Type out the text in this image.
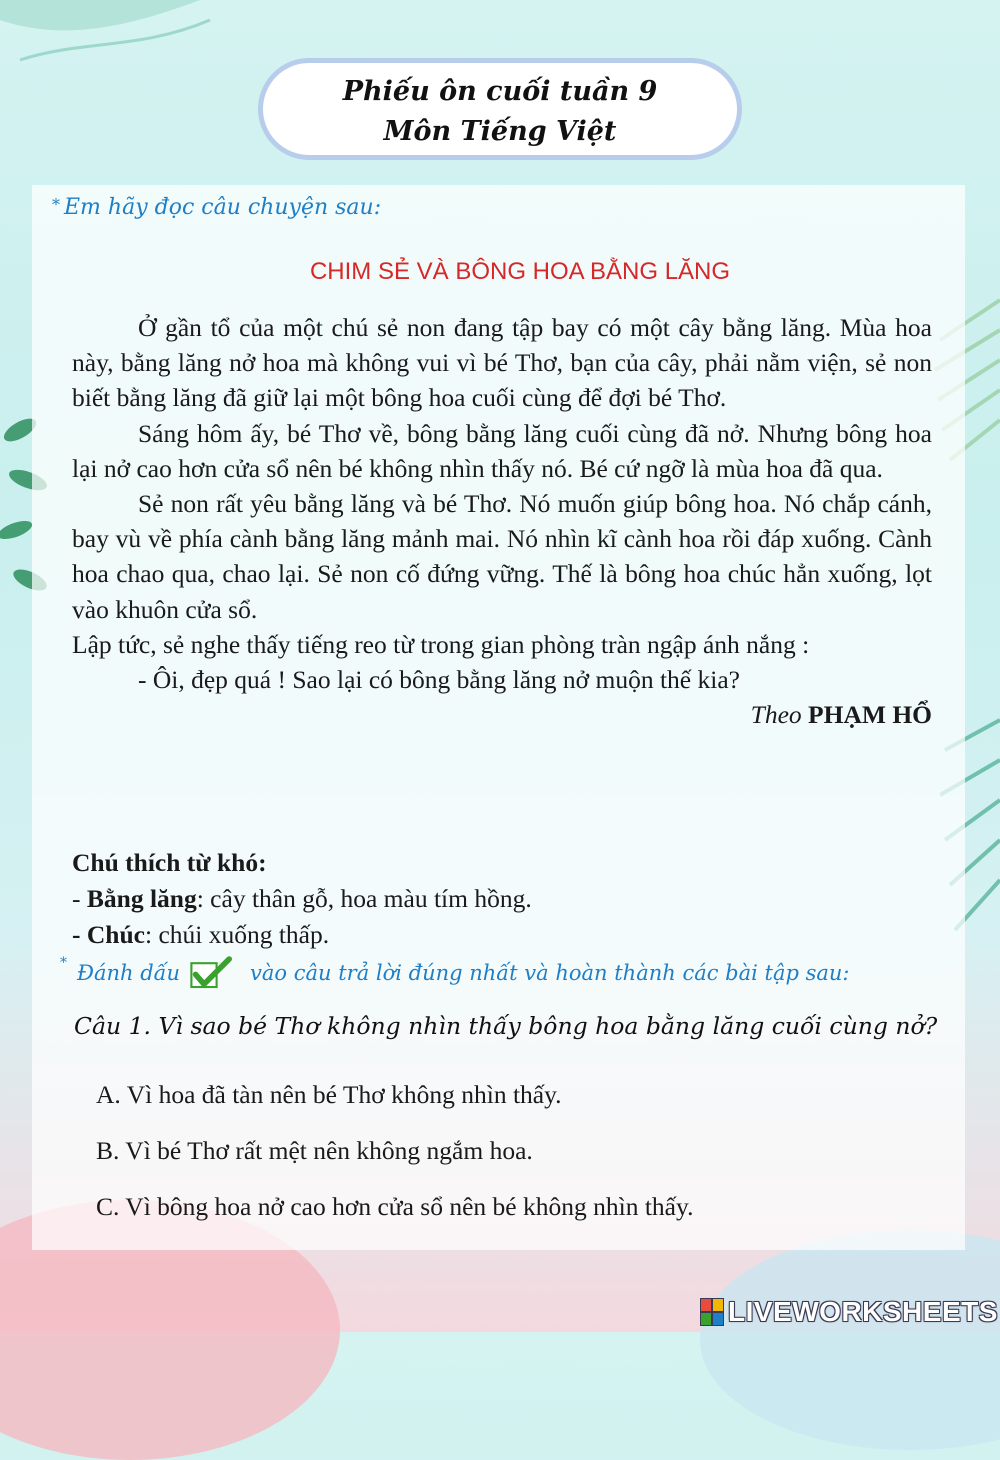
Phiếu ôn cuối tuần 9
Môn Tiếng Việt
* Em hãy đọc câu chuyện sau:
CHIM SẺ VÀ BÔNG HOA BẰNG LĂNG

Ở gần tổ của một chú sẻ non đang tập bay có một cây bằng lăng. Mùa hoa này, bằng lăng nở hoa mà không vui vì bé Thơ, bạn của cây, phải nằm viện, sẻ non biết bằng lăng đã giữ lại một bông hoa cuối cùng để đợi bé Thơ.

Sáng hôm ấy, bé Thơ về, bông bằng lăng cuối cùng đã nở. Nhưng bông hoa lại nở cao hơn cửa sổ nên bé không nhìn thấy nó. Bé cứ ngỡ là mùa hoa đã qua.

Sẻ non rất yêu bằng lăng và bé Thơ. Nó muốn giúp bông hoa. Nó chắp cánh, bay vù về phía cành bằng lăng mảnh mai. Nó nhìn kĩ cành hoa rồi đáp xuống. Cành hoa chao qua, chao lại. Sẻ non cố đứng vững. Thế là bông hoa chúc hẳn xuống, lọt vào khuôn cửa sổ.

Lập tức, sẻ nghe thấy tiếng reo từ trong gian phòng tràn ngập ánh nắng :

- Ôi, đẹp quá ! Sao lại có bông bằng lăng nở muộn thế kia?

Theo PHẠM HỔ

Chú thích từ khó:

- Bằng lăng: cây thân gỗ, hoa màu tím hồng.

- Chúc: chúi xuống thấp.

* Đánh dấu	vào câu trả lời đúng nhất và hoàn thành các bài tập sau:
Câu 1. Vì sao bé Thơ không nhìn thấy bông hoa bằng lăng cuối cùng nở?
A. Vì hoa đã tàn nên bé Thơ không nhìn thấy.
B. Vì bé Thơ rất mệt nên không ngắm hoa.
C. Vì bông hoa nở cao hơn cửa sổ nên bé không nhìn thấy.
LIVEWORKSHEETS
